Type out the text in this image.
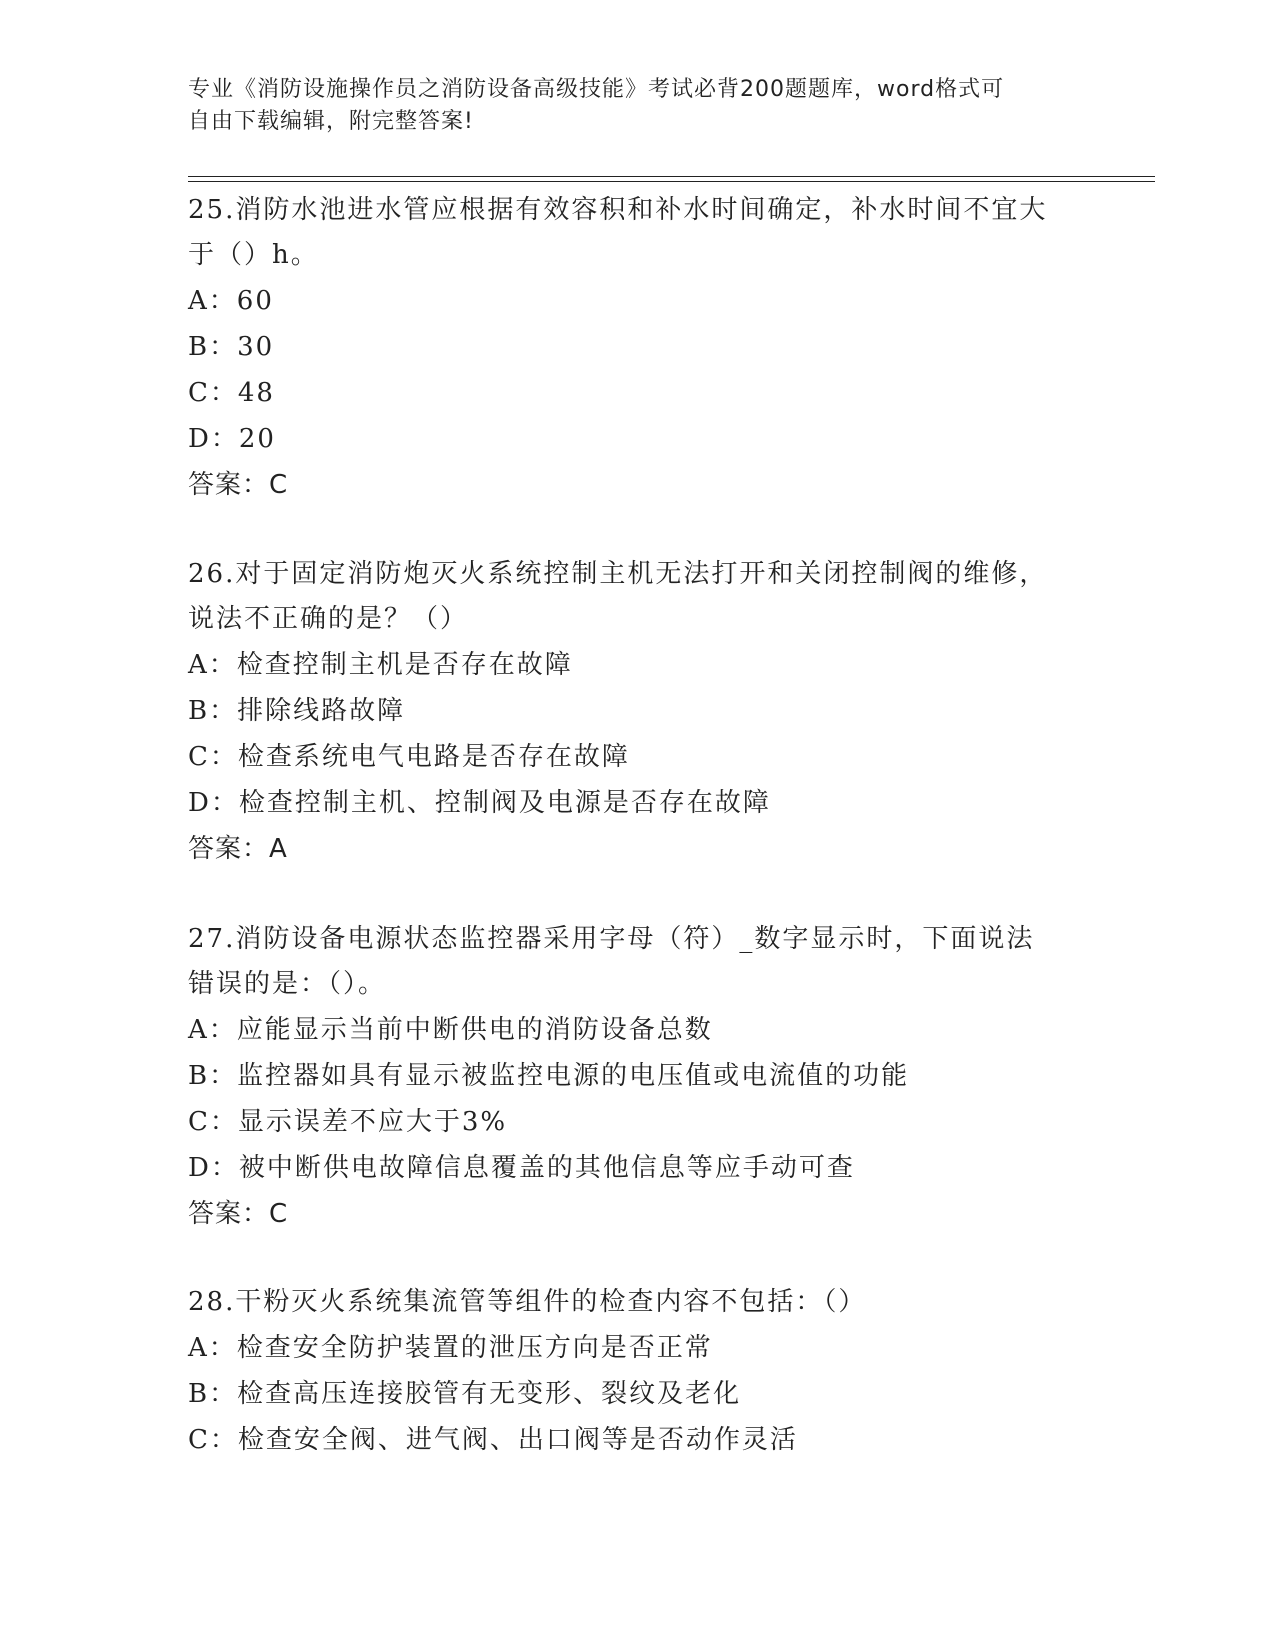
专业《消防设施操作员之消防设备高级技能》考试必背200题题库，word格式可
自由下载编辑，附完整答案!
25.消防水池进水管应根据有效容积和补水时间确定，补水时间不宜大
于（）h。
A：60
B：30
C：48
D：20
答案：C
26.对于固定消防炮灭火系统控制主机无法打开和关闭控制阀的维修，
说法不正确的是？（）
A：检查控制主机是否存在故障
B：排除线路故障
C：检查系统电气电路是否存在故障
D：检查控制主机、控制阀及电源是否存在故障
答案：A
27.消防设备电源状态监控器采用字母（符）_数字显示时，下面说法
错误的是：（）。
A：应能显示当前中断供电的消防设备总数
B：监控器如具有显示被监控电源的电压值或电流值的功能
C：显示误差不应大于3%
D：被中断供电故障信息覆盖的其他信息等应手动可查
答案：C
28.干粉灭火系统集流管等组件的检查内容不包括：（）
A：检查安全防护装置的泄压方向是否正常
B：检查高压连接胶管有无变形、裂纹及老化
C：检查安全阀、进气阀、出口阀等是否动作灵活
